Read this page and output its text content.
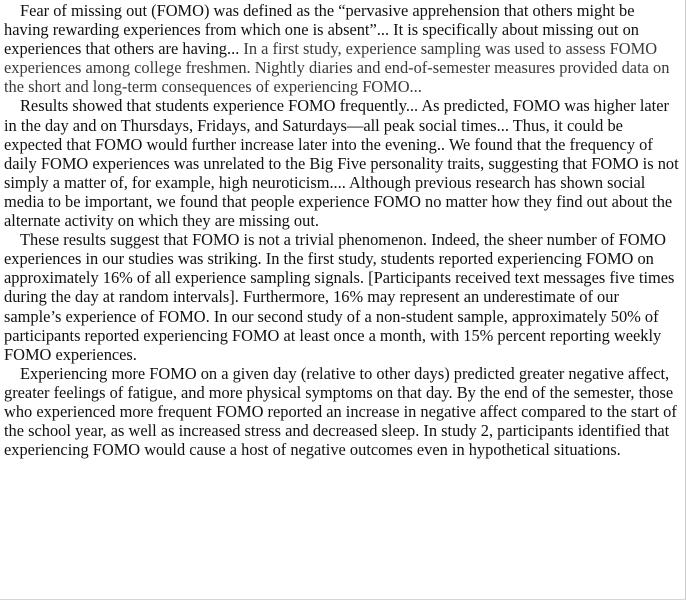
Fear of missing out (FOMO) was defined as the “pervasive apprehension that others might be having rewarding experiences from which one is absent”... It is specifically about missing out on experiences that others are having... In a first study, experience sampling was used to assess FOMO experiences among college freshmen. Nightly diaries and end-of-semester measures provided data on the short and long-term consequences of experiencing FOMO...

Results showed that students experience FOMO frequently... As predicted, FOMO was higher later in the day and on Thursdays, Fridays, and Saturdays—all peak social times... Thus, it could be expected that FOMO would further increase later into the evening.. We found that the frequency of daily FOMO experiences was unrelated to the Big Five personality traits, suggesting that FOMO is not simply a matter of, for example, high neuroticism.... Although previous research has shown social media to be important, we found that people experience FOMO no matter how they find out about the alternate activity on which they are missing out.

These results suggest that FOMO is not a trivial phenomenon. Indeed, the sheer number of FOMO experiences in our studies was striking. In the first study, students reported experiencing FOMO on approximately 16% of all experience sampling signals. [Participants received text messages five times during the day at random intervals]. Furthermore, 16% may represent an underestimate of our sample’s experience of FOMO. In our second study of a non-student sample, approximately 50% of participants reported experiencing FOMO at least once a month, with 15% percent reporting weekly FOMO experiences.

Experiencing more FOMO on a given day (relative to other days) predicted greater negative affect, greater feelings of fatigue, and more physical symptoms on that day. By the end of the semester, those who experienced more frequent FOMO reported an increase in negative affect compared to the start of the school year, as well as increased stress and decreased sleep. In study 2, participants identified that experiencing FOMO would cause a host of negative outcomes even in hypothetical situations.
